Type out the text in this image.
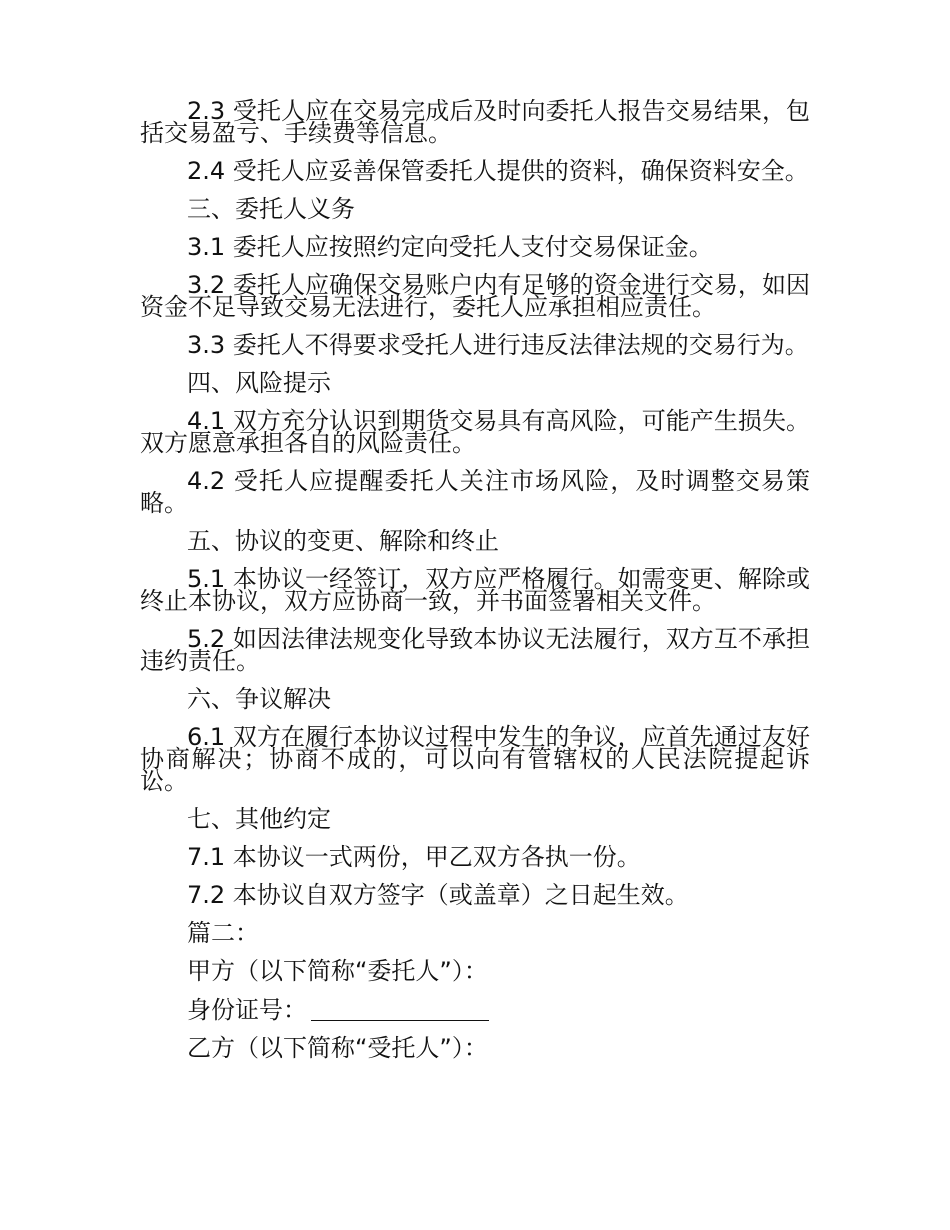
2.3 受托人应在交易完成后及时向委托人报告交易结果，包括交易盈亏、手续费等信息。

2.4 受托人应妥善保管委托人提供的资料，确保资料安全。

三、委托人义务

3.1 委托人应按照约定向受托人支付交易保证金。

3.2 委托人应确保交易账户内有足够的资金进行交易，如因资金不足导致交易无法进行，委托人应承担相应责任。

3.3 委托人不得要求受托人进行违反法律法规的交易行为。

四、风险提示

4.1 双方充分认识到期货交易具有高风险，可能产生损失。双方愿意承担各自的风险责任。

4.2 受托人应提醒委托人关注市场风险，及时调整交易策略。

五、协议的变更、解除和终止

5.1 本协议一经签订，双方应严格履行。如需变更、解除或终止本协议，双方应协商一致，并书面签署相关文件。

5.2 如因法律法规变化导致本协议无法履行，双方互不承担违约责任。

六、争议解决

6.1 双方在履行本协议过程中发生的争议，应首先通过友好协商解决；协商不成的，可以向有管辖权的人民法院提起诉讼。

七、其他约定

7.1 本协议一式两份，甲乙双方各执一份。

7.2 本协议自双方签字（或盖章）之日起生效。

篇二：

甲方（以下简称“委托人”）：

身份证号：

乙方（以下简称“受托人”）：
